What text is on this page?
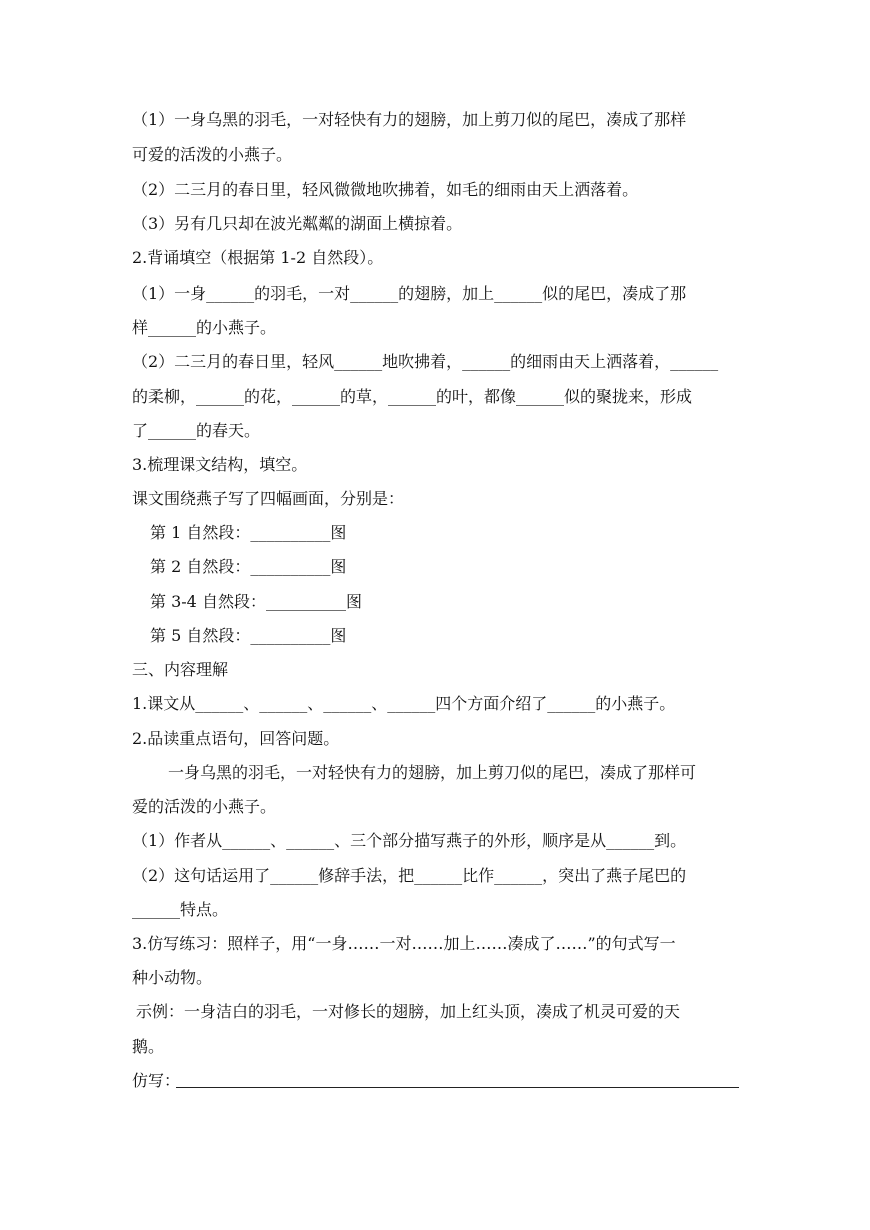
（1）一身乌黑的羽毛，一对轻快有力的翅膀，加上剪刀似的尾巴，凑成了那样
可爱的活泼的小燕子。
（2）二三月的春日里，轻风微微地吹拂着，如毛的细雨由天上洒落着。
（3）另有几只却在波光粼粼的湖面上横掠着。
2.背诵填空（根据第 1-2 自然段）。
（1）一身______的羽毛，一对______的翅膀，加上______似的尾巴，凑成了那
样______的小燕子。
（2）二三月的春日里，轻风______地吹拂着，______的细雨由天上洒落着，______
的柔柳，______的花，______的草，______的叶，都像______似的聚拢来，形成
了______的春天。
3.梳理课文结构，填空。
课文围绕燕子写了四幅画面，分别是：
第 1 自然段：__________图
第 2 自然段：__________图
第 3-4 自然段：__________图
第 5 自然段：__________图
三、内容理解
1.课文从______、______、______、______四个方面介绍了______的小燕子。
2.品读重点语句，回答问题。
一身乌黑的羽毛，一对轻快有力的翅膀，加上剪刀似的尾巴，凑成了那样可
爱的活泼的小燕子。
（1）作者从______、______、三个部分描写燕子的外形，顺序是从______到。
（2）这句话运用了______修辞手法，把______比作______，突出了燕子尾巴的
______特点。
3.仿写练习：照样子，用“一身……一对……加上……凑成了……”的句式写一
种小动物。
示例：一身洁白的羽毛，一对修长的翅膀，加上红头顶，凑成了机灵可爱的天
鹅。
仿写：
